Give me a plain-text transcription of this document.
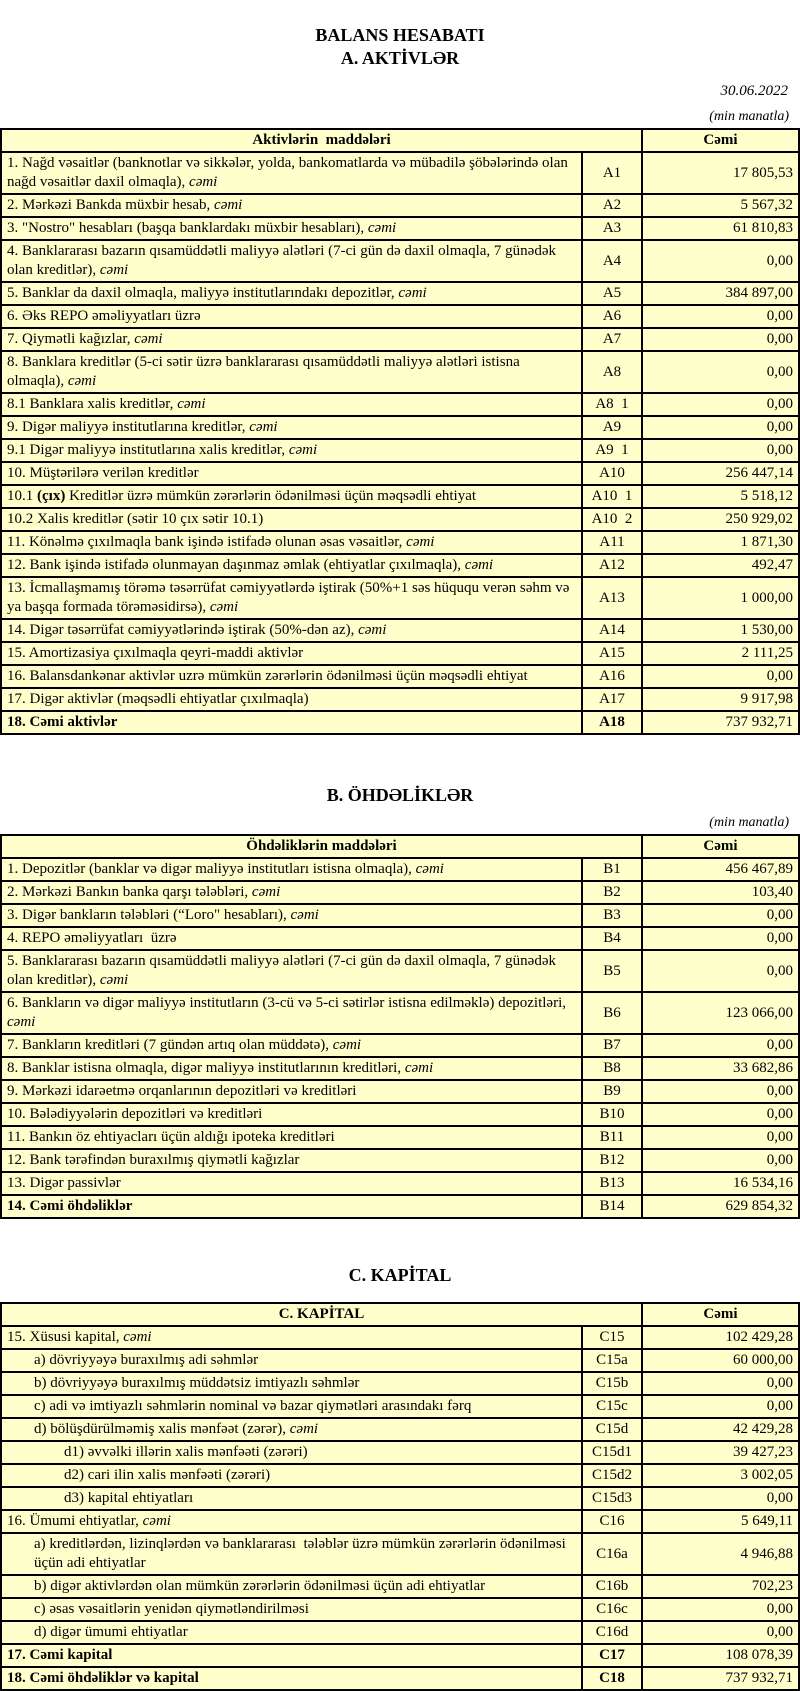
BALANS HESABATI
A. AKTİVLƏR
30.06.2022
(min manatla)
Aktivlərin  maddələri		Cəmi
1. Nağd vəsaitlər (banknotlar və sikkələr, yolda, bankomatlarda və mübadilə şöbələrində olan nağd vəsaitlər daxil olmaqla), cəmi	A1	17 805,53
2. Mərkəzi Bankda müxbir hesab, cəmi	A2	5 567,32
3. "Nostro" hesabları (başqa banklardakı müxbir hesabları), cəmi	A3	61 810,83
4. Banklararası bazarın qısamüddətli maliyyə alətləri (7-ci gün də daxil olmaqla, 7 günədək olan kreditlər), cəmi	A4	0,00
5. Banklar da daxil olmaqla, maliyyə institutlarındakı depozitlər, cəmi	A5	384 897,00
6. Əks REPO əməliyyatları üzrə	A6	0,00
7. Qiymətli kağızlar, cəmi	A7	0,00
8. Banklara kreditlər (5-ci sətir üzrə banklararası qısamüddətli maliyyə alətləri istisna olmaqla), cəmi	A8	0,00
8.1 Banklara xalis kreditlər, cəmi	A8  1	0,00
9. Digər maliyyə institutlarına kreditlər, cəmi	A9	0,00
9.1 Digər maliyyə institutlarına xalis kreditlər, cəmi	A9  1	0,00
10. Müştərilərə verilən kreditlər	A10	256 447,14
10.1 (çıx) Kreditlər üzrə mümkün zərərlərin ödənilməsi üçün məqsədli ehtiyat	A10  1	5 518,12
10.2 Xalis kreditlər (sətir 10 çıx sətir 10.1)	A10  2	250 929,02
11. Könəlmə çıxılmaqla bank işində istifadə olunan əsas vəsaitlər, cəmi	A11	1 871,30
12. Bank işində istifadə olunmayan daşınmaz əmlak (ehtiyatlar çıxılmaqla), cəmi	A12	492,47
13. İcmallaşmamış törəmə təsərrüfat cəmiyyətlərdə iştirak (50%+1 səs hüququ verən səhm və ya başqa formada törəməsidirsə), cəmi	A13	1 000,00
14. Digər təsərrüfat cəmiyyətlərində iştirak (50%-dən az), cəmi	A14	1 530,00
15. Amortizasiya çıxılmaqla qeyri-maddi aktivlər	A15	2 111,25
16. Balansdankənar aktivlər uzrə mümkün zərərlərin ödənilməsi üçün məqsədli ehtiyat	A16	0,00
17. Digər aktivlər (məqsədli ehtiyatlar çıxılmaqla)	A17	9 917,98
18. Cəmi aktivlər	A18	737 932,71
B. ÖHDƏLİKLƏR
(min manatla)
Öhdəliklərin maddələri		Cəmi
1. Depozitlər (banklar və digər maliyyə institutları istisna olmaqla), cəmi	B1	456 467,89
2. Mərkəzi Bankın banka qarşı tələbləri, cəmi	B2	103,40
3. Digər bankların tələbləri (“Loro" hesabları), cəmi	B3	0,00
4. REPO əməliyyatları  üzrə	B4	0,00
5. Banklararası bazarın qısamüddətli maliyyə alətləri (7-ci gün də daxil olmaqla, 7 günədək olan kreditlər), cəmi	B5	0,00
6. Bankların və digər maliyyə institutların (3-cü və 5-ci sətirlər istisna edilməklə) depozitləri, cəmi	B6	123 066,00
7. Bankların kreditləri (7 gündən artıq olan müddətə), cəmi	B7	0,00
8. Banklar istisna olmaqla, digər maliyyə institutlarının kreditləri, cəmi	B8	33 682,86
9. Mərkəzi idarəetmə orqanlarının depozitləri və kreditləri	B9	0,00
10. Bələdiyyələrin depozitləri və kreditləri	B10	0,00
11. Bankın öz ehtiyacları üçün aldığı ipoteka kreditləri	B11	0,00
12. Bank tərəfindən buraxılmış qiymətli kağızlar	B12	0,00
13. Digər passivlər	B13	16 534,16
14. Cəmi öhdəliklər	B14	629 854,32
C. KAPİTAL
C. KAPİTAL		Cəmi
15. Xüsusi kapital, cəmi	C15	102 429,28
a) dövriyyəyə buraxılmış adi səhmlər	C15a	60 000,00
b) dövriyyəyə buraxılmış müddətsiz imtiyazlı səhmlər	C15b	0,00
c) adi və imtiyazlı səhmlərin nominal və bazar qiymətləri arasındakı fərq	C15c	0,00
d) bölüşdürülməmiş xalis mənfəət (zərər), cəmi	C15d	42 429,28
d1) əvvəlki illərin xalis mənfəəti (zərəri)	C15d1	39 427,23
d2) cari ilin xalis mənfəəti (zərəri)	C15d2	3 002,05
d3) kapital ehtiyatları	C15d3	0,00
16. Ümumi ehtiyatlar, cəmi	C16	5 649,11
a) kreditlərdən, lizinqlərdən və banklararası  tələblər üzrə mümkün zərərlərin ödənilməsi üçün adi ehtiyatlar	C16a	4 946,88
b) digər aktivlərdən olan mümkün zərərlərin ödənilməsi üçün adi ehtiyatlar	C16b	702,23
c) əsas vəsaitlərin yenidən qiymətləndirilməsi	C16c	0,00
d) digər ümumi ehtiyatlar	C16d	0,00
17. Cəmi kapital	C17	108 078,39
18. Cəmi öhdəliklər və kapital	C18	737 932,71
